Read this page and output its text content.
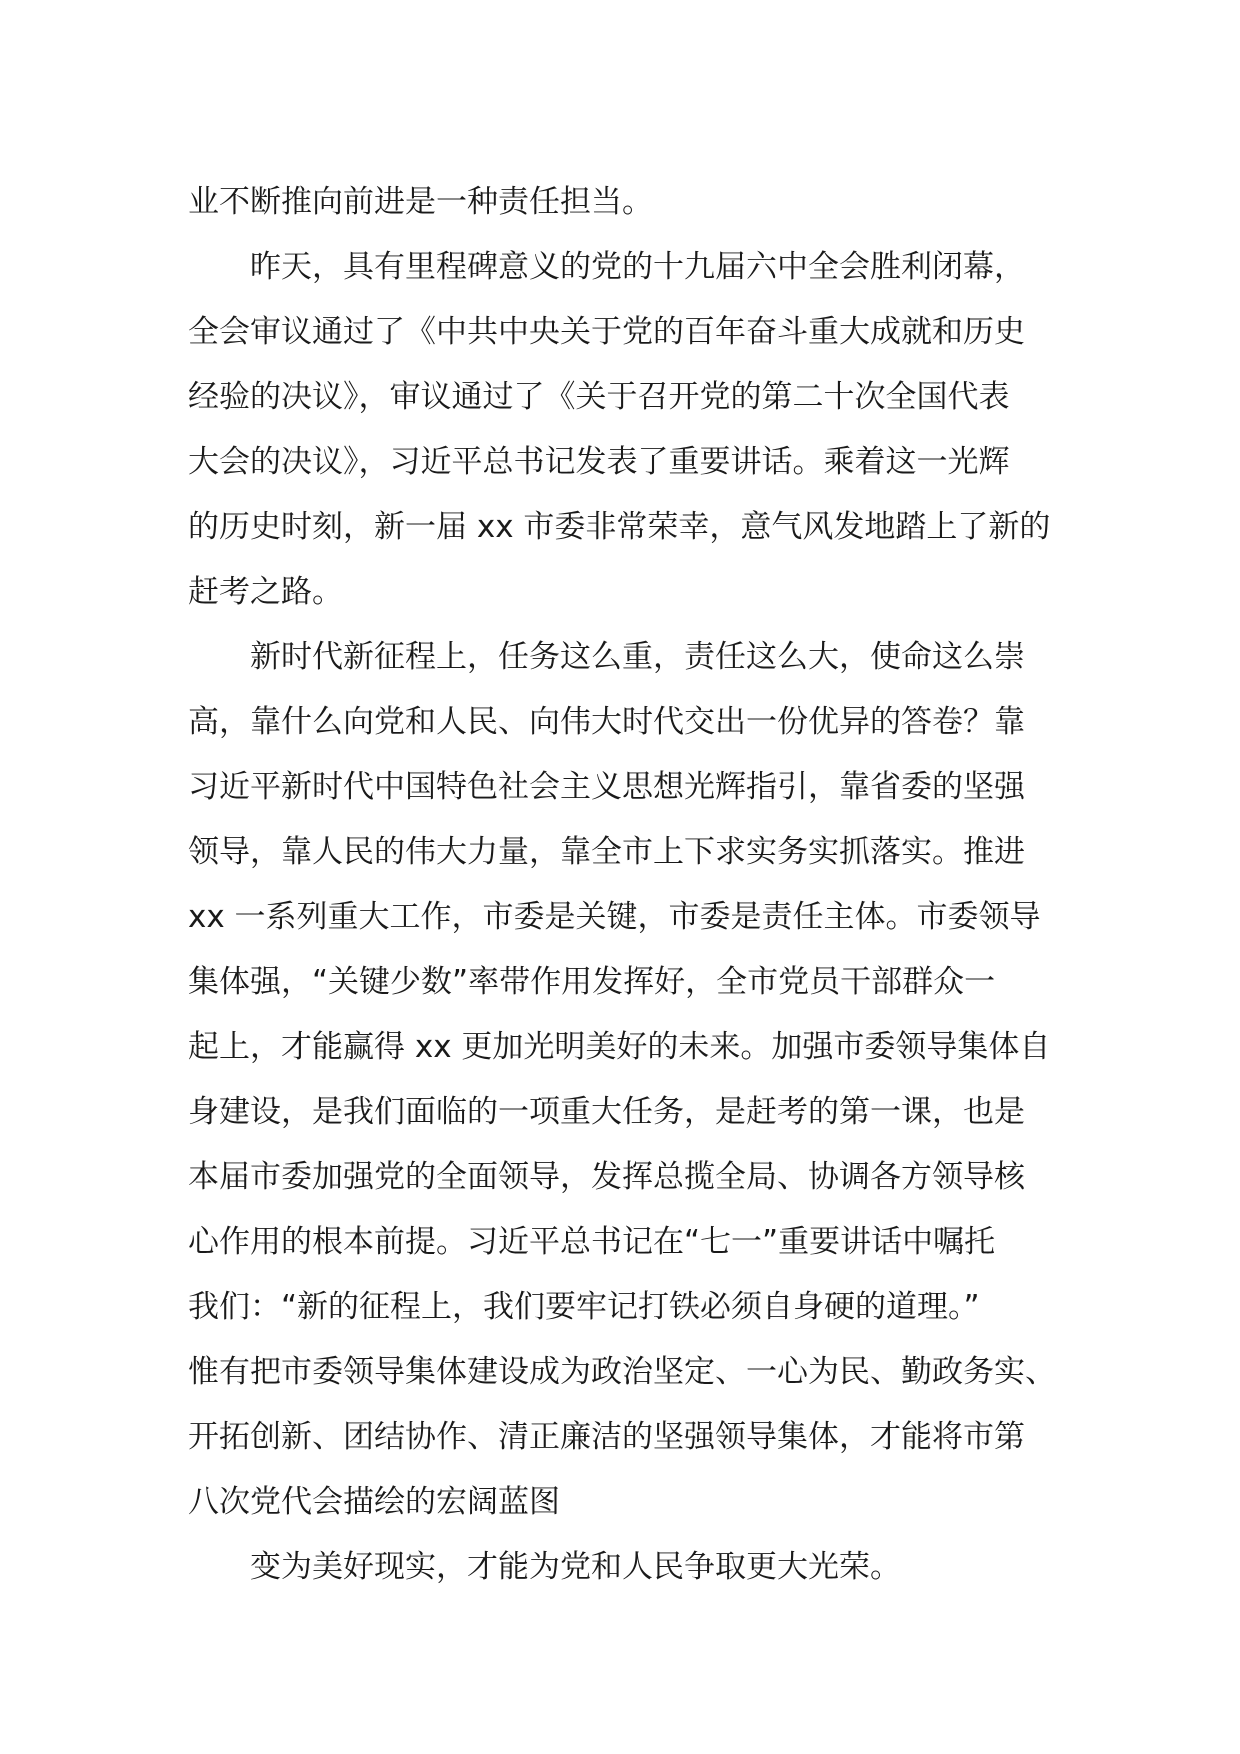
业不断推向前进是一种责任担当。
昨天，具有里程碑意义的党的十九届六中全会胜利闭幕，
全会审议通过了《中共中央关于党的百年奋斗重大成就和历史
经验的决议》，审议通过了《关于召开党的第二十次全国代表
大会的决议》，习近平总书记发表了重要讲话。乘着这一光辉
的历史时刻，新一届 xx 市委非常荣幸，意气风发地踏上了新的
赶考之路。
新时代新征程上，任务这么重，责任这么大，使命这么崇
高，靠什么向党和人民、向伟大时代交出一份优异的答卷？靠
习近平新时代中国特色社会主义思想光辉指引，靠省委的坚强
领导，靠人民的伟大力量，靠全市上下求实务实抓落实。推进
xx 一系列重大工作，市委是关键，市委是责任主体。市委领导
集体强，“关键少数”率带作用发挥好，全市党员干部群众一
起上，才能赢得 xx 更加光明美好的未来。加强市委领导集体自
身建设，是我们面临的一项重大任务，是赶考的第一课，也是
本届市委加强党的全面领导，发挥总揽全局、协调各方领导核
心作用的根本前提。习近平总书记在“七一”重要讲话中嘱托
我们：“新的征程上，我们要牢记打铁必须自身硬的道理。”
惟有把市委领导集体建设成为政治坚定、一心为民、勤政务实、
开拓创新、团结协作、清正廉洁的坚强领导集体，才能将市第
八次党代会描绘的宏阔蓝图
变为美好现实，才能为党和人民争取更大光荣。
